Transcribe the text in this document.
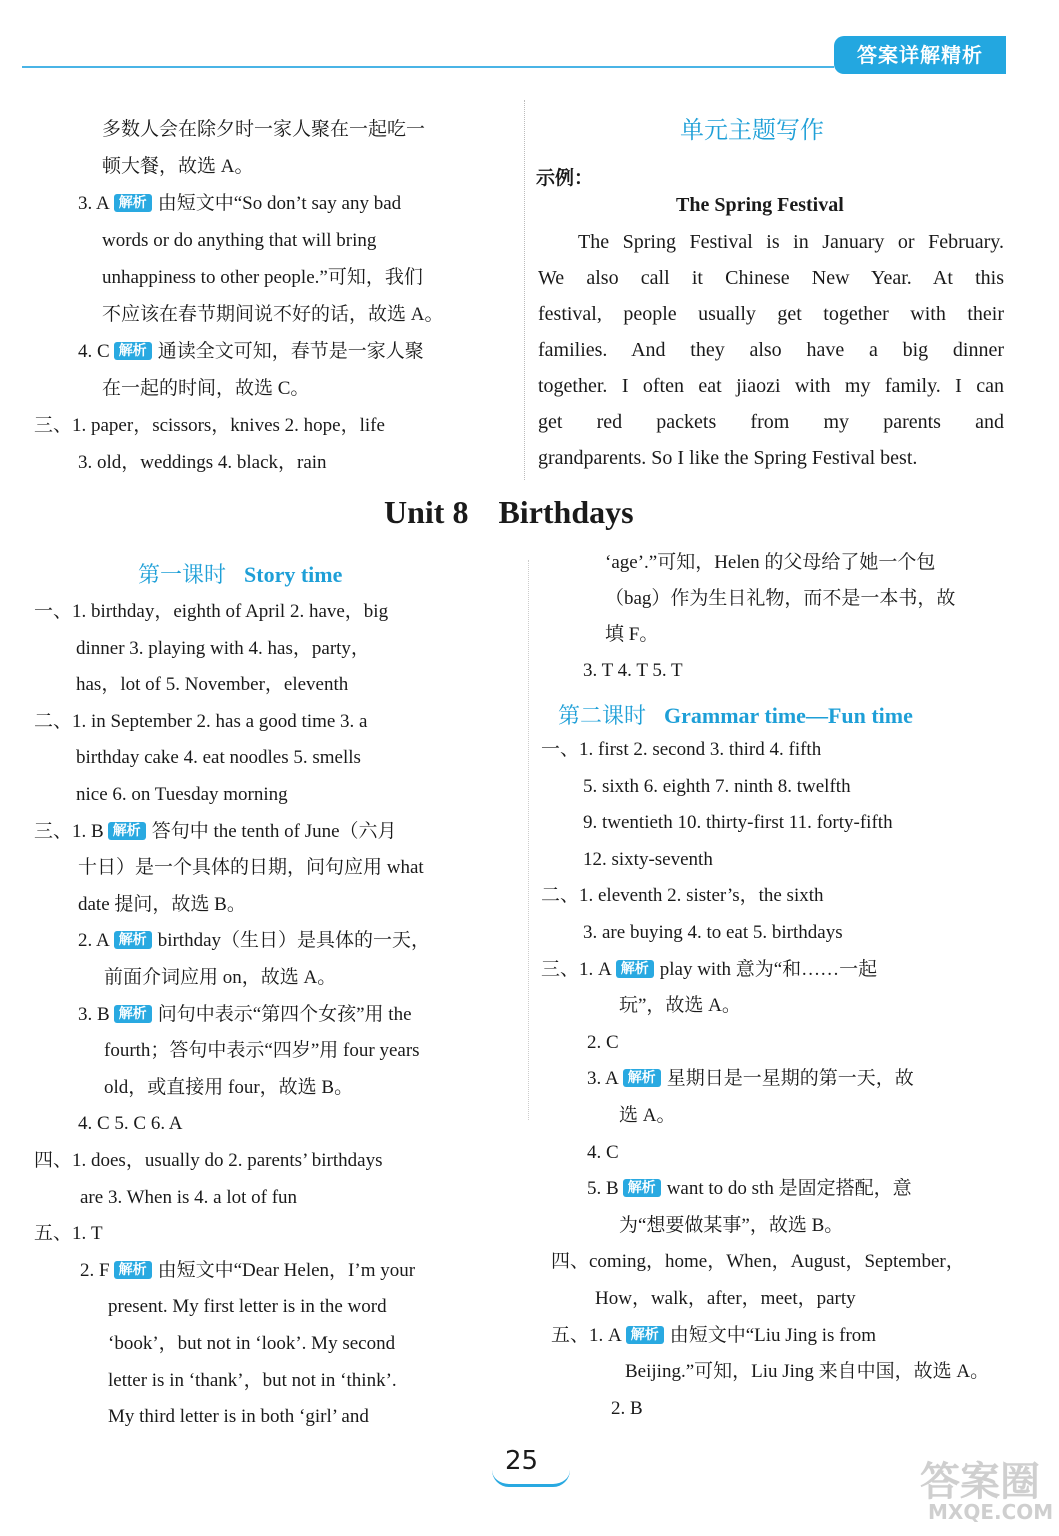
答案详解精析
多数人会在除夕时一家人聚在一起吃一
顿大餐，故选 A。
3. A 解析 由短文中“So don’t say any bad
words or do anything that will bring
unhappiness to other people.”可知，我们
不应该在春节期间说不好的话，故选 A。
4. C 解析 通读全文可知，春节是一家人聚
在一起的时间，故选 C。
三、1. paper，scissors，knives 2. hope，life
3. old，weddings 4. black，rain
单元主题写作
示例：
The Spring Festival
The Spring Festival is in January or February.
We also call it Chinese New Year. At this
festival, people usually get together with their
families. And they also have a big dinner
together. I often eat jiaozi with my family. I can
get red packets from my parents and
grandparents. So I like the Spring Festival best.
Unit 8 Birthdays
第一课时 Story time
第二课时 Grammar time—Fun time
一、1. birthday，eighth of April 2. have，big
dinner 3. playing with 4. has，party，
has，lot of 5. November，eleventh
二、1. in September 2. has a good time 3. a
birthday cake 4. eat noodles 5. smells
nice 6. on Tuesday morning
三、1. B 解析 答句中 the tenth of June（六月
十日）是一个具体的日期，问句应用 what
date 提问，故选 B。
2. A 解析 birthday（生日）是具体的一天，
前面介词应用 on，故选 A。
3. B 解析 问句中表示“第四个女孩”用 the
fourth；答句中表示“四岁”用 four years
old，或直接用 four，故选 B。
4. C 5. C 6. A
四、1. does，usually do 2. parents’ birthdays
are 3. When is 4. a lot of fun
五、1. T
2. F 解析 由短文中“Dear Helen，I’m your
present. My first letter is in the word
‘book’，but not in ‘look’. My second
letter is in ‘thank’，but not in ‘think’.
My third letter is in both ‘girl’ and
‘age’.”可知，Helen 的父母给了她一个包
（bag）作为生日礼物，而不是一本书，故
填 F。
3. T 4. T 5. T
一、1. first 2. second 3. third 4. fifth
5. sixth 6. eighth 7. ninth 8. twelfth
9. twentieth 10. thirty-first 11. forty-fifth
12. sixty-seventh
二、1. eleventh 2. sister’s，the sixth
3. are buying 4. to eat 5. birthdays
三、1. A 解析 play with 意为“和……一起
玩”，故选 A。
2. C
3. A 解析 星期日是一星期的第一天，故
选 A。
4. C
5. B 解析 want to do sth 是固定搭配，意
为“想要做某事”，故选 B。
四、coming，home，When，August，September，
How，walk，after，meet，party
五、1. A 解析 由短文中“Liu Jing is from
Beijing.”可知，Liu Jing 来自中国，故选 A。
2. B
25	答案圈
MXQE.COM
